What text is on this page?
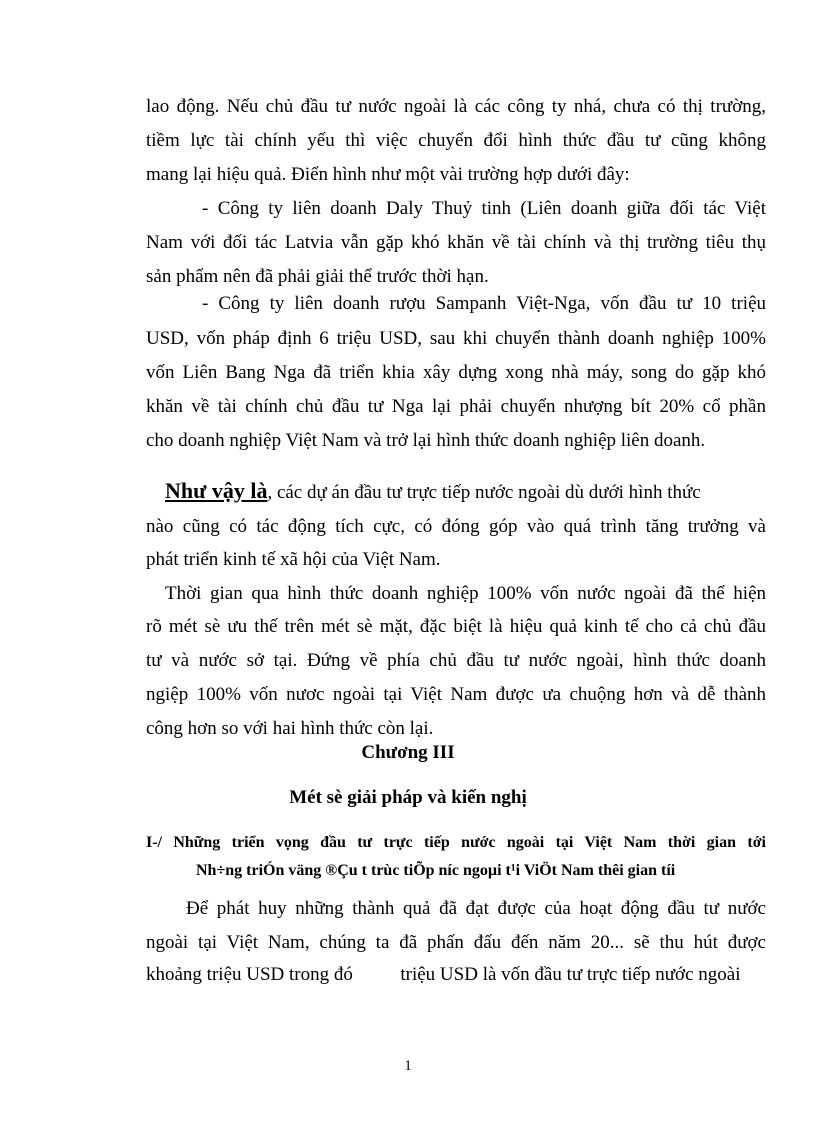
lao động. Nếu chủ đầu tư nước ngoài là các công ty nhá, chưa có thị trường,
tiềm lực tài chính yếu thì việc chuyển đổi hình thức đầu tư cũng không
mang lại hiệu quả. Điển hình như một vài trường hợp dưới đây:
- Công ty liên doanh Daly Thuỷ tinh (Liên doanh giữa đối tác Việt
Nam với đối tác Latvia vẫn gặp khó khăn về tài chính và thị trường tiêu thụ
sản phẩm nên đã phải giải thể trước thời hạn.
- Công ty liên doanh rượu Sampanh Việt-Nga, vốn đầu tư 10 triệu
USD, vốn pháp định 6 triệu USD, sau khi chuyển thành doanh nghiệp 100%
vốn Liên Bang Nga đã triển khia xây dựng xong nhà máy, song do gặp khó
khăn về tài chính chủ đầu tư Nga lại phải chuyển nhượng bít 20% cổ phần
cho doanh nghiệp Việt Nam và trở lại hình thức doanh nghiệp liên doanh.
Như vậy là, các dự án đầu tư trực tiếp nước ngoài dù dưới hình thức
nào cũng có tác động tích cực, có đóng góp vào quá trình tăng trưởng và
phát triển kinh tế xã hội của Việt Nam.
Thời gian qua hình thức doanh nghiệp 100% vốn nước ngoài đã thể hiện
rõ mét sè ưu thế trên mét sè mặt, đặc biệt là hiệu quả kinh tế cho cả chủ đầu
tư và nước sở tại. Đứng về phía chủ đầu tư nước ngoài, hình thức doanh
ngiệp 100% vốn nươc ngoài tại Việt Nam được ưa chuộng hơn và dễ thành
công hơn so với hai hình thức còn lại.
Chương III
Mét sè giải pháp và kiến nghị
I-/ Những triển vọng đầu tư trực tiếp nước ngoài tại Việt Nam thời gian tới
Nh÷ng triÓn väng ®Çu t trùc tiÕp níc ngoµi t¹i ViÖt Nam thêi gian tíi
Để phát huy những thành quả đã đạt được của hoạt động đầu tư nước
ngoài tại Việt Nam, chúng ta đã phấn đấu đến năm 20... sẽ thu hút được
khoảng triệu USD trong đó          triệu USD là vốn đầu tư trực tiếp nước ngoài
1
